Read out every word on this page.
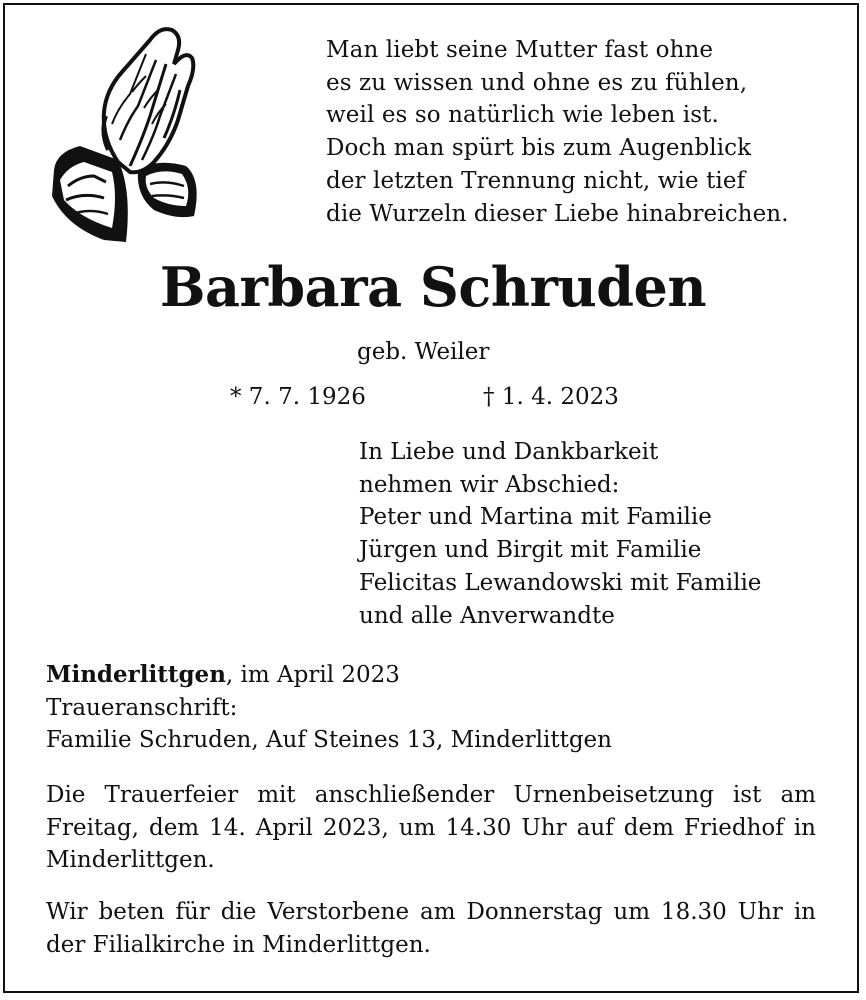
Man liebt seine Mutter fast ohne
es zu wissen und ohne es zu fühlen,
weil es so natürlich wie leben ist.
Doch man spürt bis zum Augenblick
der letzten Trennung nicht, wie tief
die Wurzeln dieser Liebe hinabreichen.
Barbara Schruden
geb. Weiler
* 7. 7. 1926	† 1. 4. 2023
In Liebe und Dankbarkeit
nehmen wir Abschied:
Peter und Martina mit Familie
Jürgen und Birgit mit Familie
Felicitas Lewandowski mit Familie
und alle Anverwandte
Minderlittgen, im April 2023
Traueranschrift:
Familie Schruden, Auf Steines 13, Minderlittgen
Die Trauerfeier mit anschließender Urnenbeisetzung ist am Freitag, dem 14. April 2023, um 14.30 Uhr auf dem Friedhof in Minderlittgen.
Wir beten für die Verstorbene am Donnerstag um 18.30 Uhr in der Filialkirche in Minderlittgen.
